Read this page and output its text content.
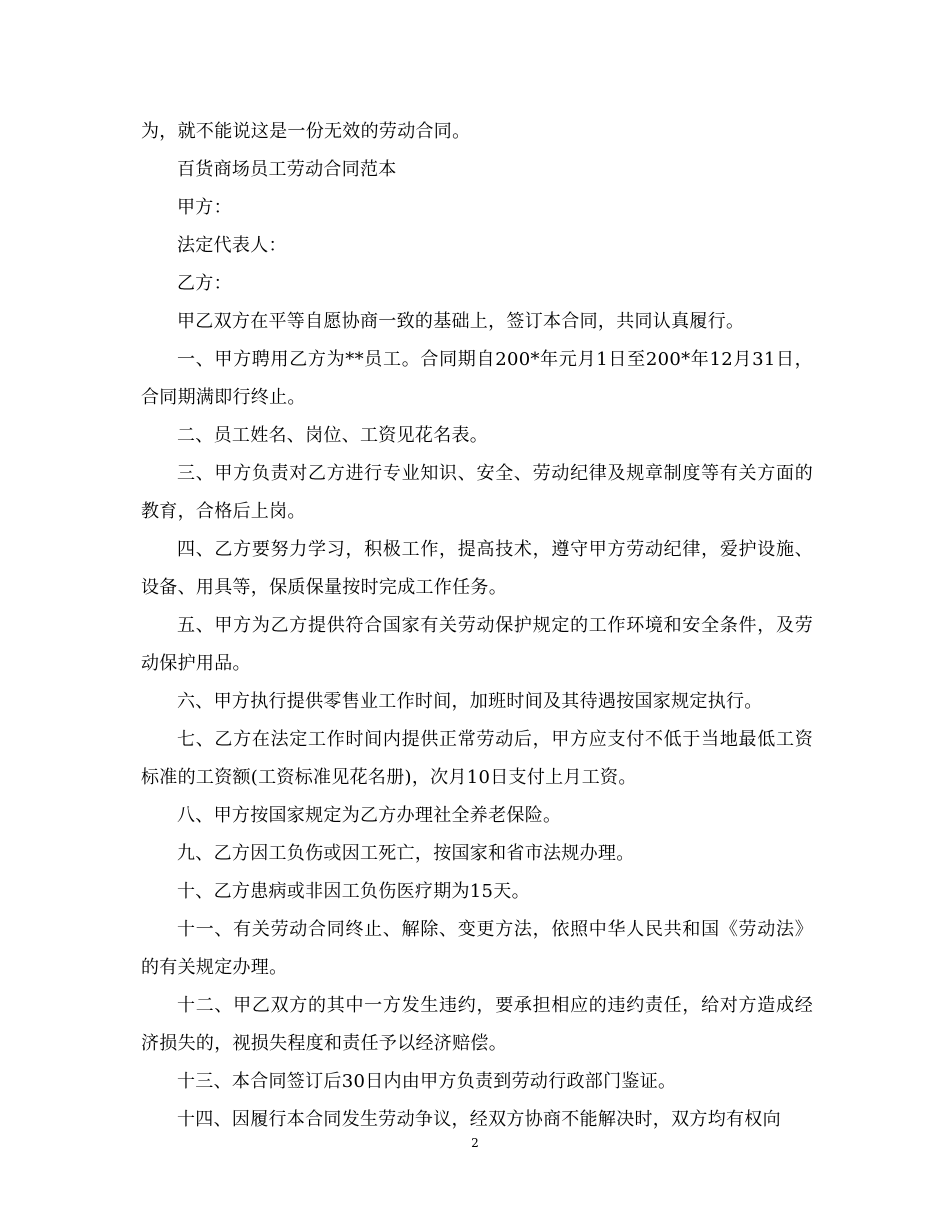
为，就不能说这是一份无效的劳动合同。

百货商场员工劳动合同范本

甲方：

法定代表人：

乙方：

甲乙双方在平等自愿协商一致的基础上，签订本合同，共同认真履行。

一、甲方聘用乙方为**员工。合同期自200*年元月1日至200*年12月31日，合同期满即行终止。

二、员工姓名、岗位、工资见花名表。

三、甲方负责对乙方进行专业知识、安全、劳动纪律及规章制度等有关方面的教育，合格后上岗。

四、乙方要努力学习，积极工作，提高技术，遵守甲方劳动纪律，爱护设施、设备、用具等，保质保量按时完成工作任务。

五、甲方为乙方提供符合国家有关劳动保护规定的工作环境和安全条件，及劳动保护用品。

六、甲方执行提供零售业工作时间，加班时间及其待遇按国家规定执行。

七、乙方在法定工作时间内提供正常劳动后，甲方应支付不低于当地最低工资标准的工资额(工资标准见花名册)，次月10日支付上月工资。

八、甲方按国家规定为乙方办理社全养老保险。

九、乙方因工负伤或因工死亡，按国家和省市法规办理。

十、乙方患病或非因工负伤医疗期为15天。

十一、有关劳动合同终止、解除、变更方法，依照中华人民共和国《劳动法》的有关规定办理。

十二、甲乙双方的其中一方发生违约，要承担相应的违约责任，给对方造成经济损失的，视损失程度和责任予以经济赔偿。

十三、本合同签订后30日内由甲方负责到劳动行政部门鉴证。

十四、因履行本合同发生劳动争议，经双方协商不能解决时，双方均有权向

2
